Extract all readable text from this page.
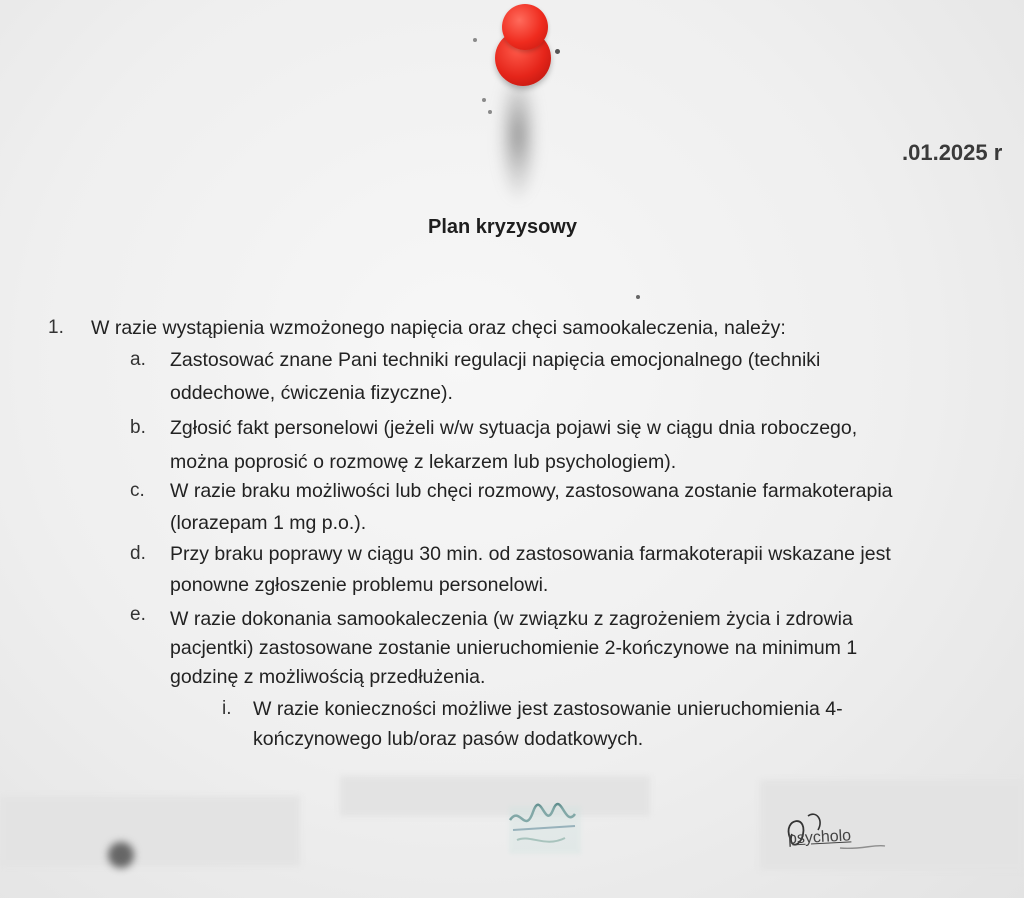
.01.2025 r
Plan kryzysowy
1. W razie wystąpienia wzmożonego napięcia oraz chęci samookaleczenia, należy:
a. Zastosować znane Pani techniki regulacji napięcia emocjonalnego (techniki
oddechowe, ćwiczenia fizyczne).
b. Zgłosić fakt personelowi (jeżeli w/w sytuacja pojawi się w ciągu dnia roboczego,
można poprosić o rozmowę z lekarzem lub psychologiem).
c. W razie braku możliwości lub chęci rozmowy, zastosowana zostanie farmakoterapia
(lorazepam 1 mg p.o.).
d. Przy braku poprawy w ciągu 30 min. od zastosowania farmakoterapii wskazane jest
ponowne zgłoszenie problemu personelowi.
e. W razie dokonania samookaleczenia (w związku z zagrożeniem życia i zdrowia
pacjentki) zastosowane zostanie unieruchomienie 2-kończynowe na minimum 1
godzinę z możliwością przedłużenia.
i. W razie konieczności możliwe jest zastosowanie unieruchomienia 4-
kończynowego lub/oraz pasów dodatkowych.
psycholo
